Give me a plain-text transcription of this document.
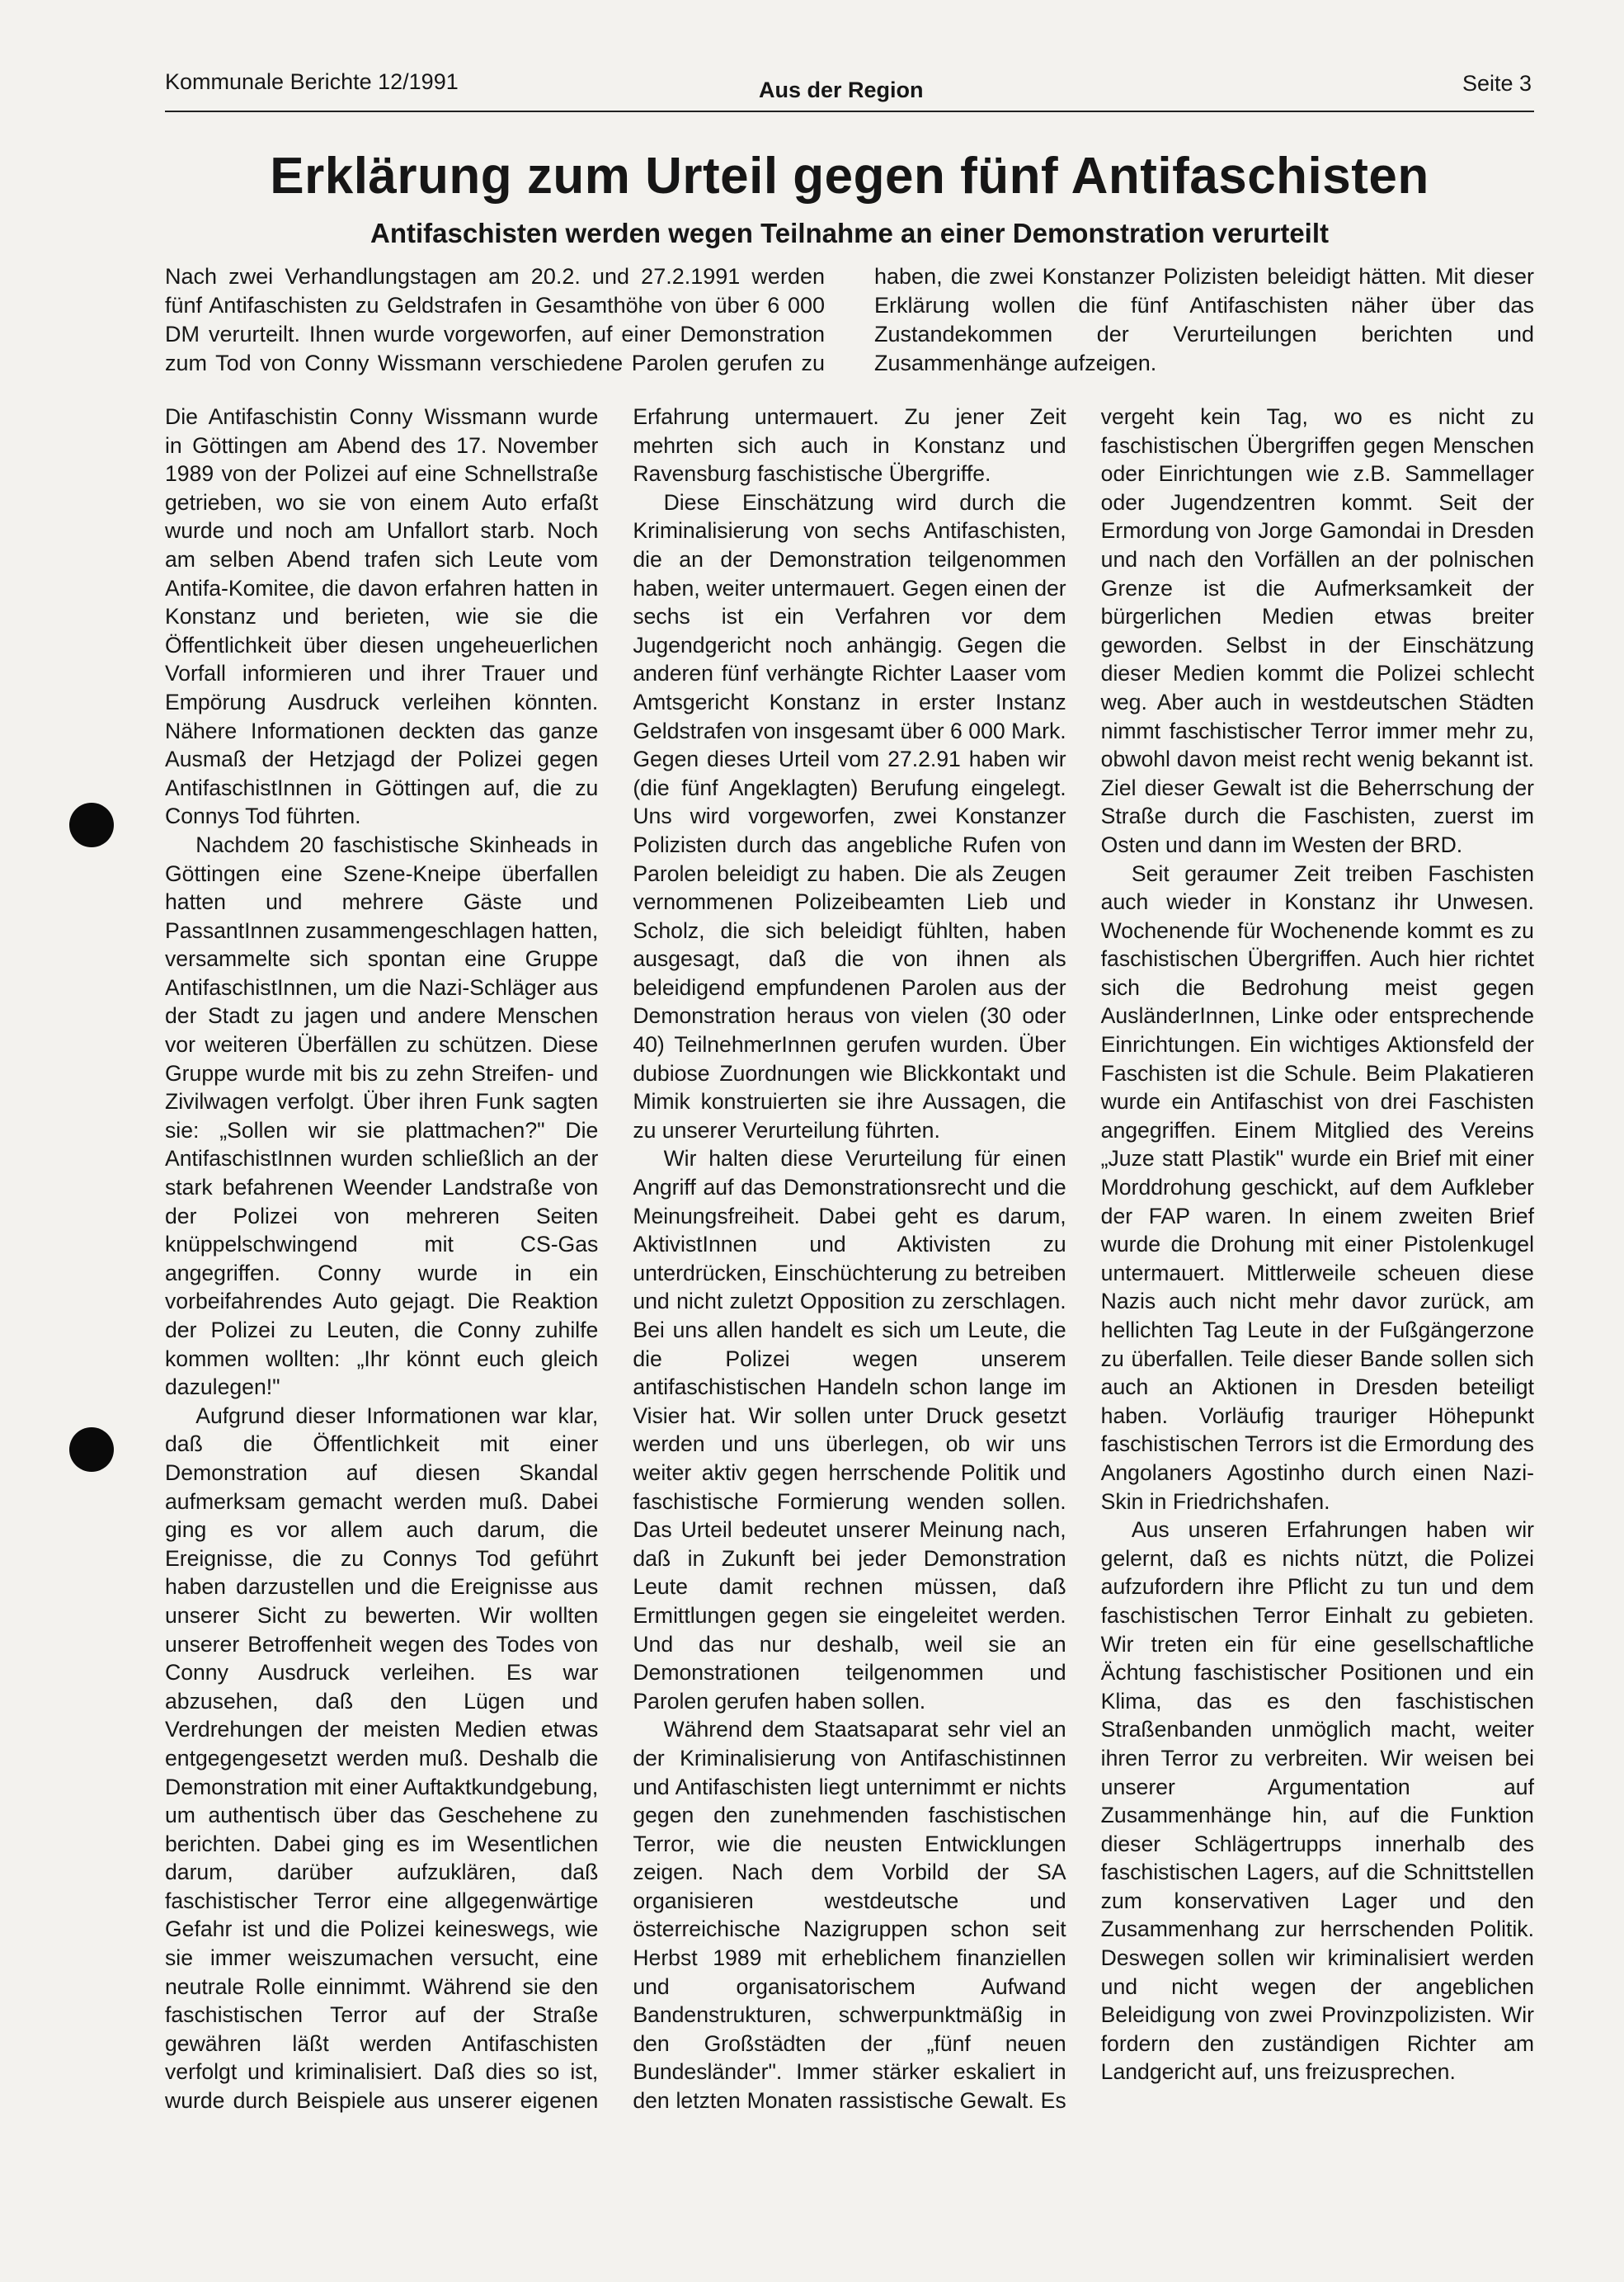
Kommunale Berichte 12/1991	Aus der Region	Seite 3
Erklärung zum Urteil gegen fünf Antifaschisten
Antifaschisten werden wegen Teilnahme an einer Demonstration verurteilt

Nach zwei Verhandlungstagen am 20.2. und 27.2.1991 werden fünf Antifaschisten zu Geldstrafen in Gesamthöhe von über 6 000 DM verurteilt. Ihnen wurde vorgeworfen, auf einer Demonstration zum Tod von Conny Wissmann verschiedene Parolen gerufen zu haben, die zwei Konstanzer Polizisten beleidigt hätten. Mit dieser Erklärung wollen die fünf Antifaschisten näher über das Zustandekommen der Verurteilungen berichten und Zusammenhänge aufzeigen.

Die Antifaschistin Conny Wissmann wurde in Göttingen am Abend des 17. November 1989 von der Polizei auf eine Schnellstraße getrieben, wo sie von einem Auto erfaßt wurde und noch am Unfallort starb. Noch am selben Abend trafen sich Leute vom Antifa-Komitee, die davon erfahren hatten in Konstanz und berieten, wie sie die Öffentlichkeit über diesen ungeheuerlichen Vorfall informieren und ihrer Trauer und Empörung Ausdruck verleihen könnten. Nähere Informationen deckten das ganze Ausmaß der Hetzjagd der Polizei gegen AntifaschistInnen in Göttingen auf, die zu Connys Tod führten.

Nachdem 20 faschistische Skinheads in Göttingen eine Szene-Kneipe überfallen hatten und mehrere Gäste und PassantInnen zusammengeschlagen hatten, versammelte sich spontan eine Gruppe AntifaschistInnen, um die Nazi-Schläger aus der Stadt zu jagen und andere Menschen vor weiteren Überfällen zu schützen. Diese Gruppe wurde mit bis zu zehn Streifen- und Zivilwagen verfolgt. Über ihren Funk sagten sie: „Sollen wir sie plattmachen?" Die AntifaschistInnen wurden schließlich an der stark befahrenen Weender Landstraße von der Polizei von mehreren Seiten knüppelschwingend mit CS-Gas angegriffen. Conny wurde in ein vorbeifahrendes Auto gejagt. Die Reaktion der Polizei zu Leuten, die Conny zuhilfe kommen wollten: „Ihr könnt euch gleich dazulegen!"

Aufgrund dieser Informationen war klar, daß die Öffentlichkeit mit einer Demonstration auf diesen Skandal aufmerksam gemacht werden muß. Dabei ging es vor allem auch darum, die Ereignisse, die zu Connys Tod geführt haben darzustellen und die Ereignisse aus unserer Sicht zu bewerten. Wir wollten unserer Betroffenheit wegen des Todes von Conny Ausdruck verleihen. Es war abzusehen, daß den Lügen und Verdrehungen der meisten Medien etwas entgegengesetzt werden muß. Deshalb die Demonstration mit einer Auftaktkundgebung, um authentisch über das Geschehene zu berichten. Dabei ging es im Wesentlichen darum, darüber aufzuklären, daß faschistischer Terror eine allgegenwärtige Gefahr ist und die Polizei keineswegs, wie sie immer weiszumachen versucht, eine neutrale Rolle einnimmt. Während sie den faschistischen Terror auf der Straße gewähren läßt werden Antifaschisten verfolgt und kriminalisiert. Daß dies so ist, wurde durch Beispiele aus unserer eigenen Erfahrung untermauert. Zu jener Zeit mehrten sich auch in Konstanz und Ravensburg faschistische Übergriffe.

Diese Einschätzung wird durch die Kriminalisierung von sechs Antifaschisten, die an der Demonstration teilgenommen haben, weiter untermauert. Gegen einen der sechs ist ein Verfahren vor dem Jugendgericht noch anhängig. Gegen die anderen fünf verhängte Richter Laaser vom Amtsgericht Konstanz in erster Instanz Geldstrafen von insgesamt über 6 000 Mark. Gegen dieses Urteil vom 27.2.91 haben wir (die fünf Angeklagten) Berufung eingelegt. Uns wird vorgeworfen, zwei Konstanzer Polizisten durch das angebliche Rufen von Parolen beleidigt zu haben. Die als Zeugen vernommenen Polizeibeamten Lieb und Scholz, die sich beleidigt fühlten, haben ausgesagt, daß die von ihnen als beleidigend empfundenen Parolen aus der Demonstration heraus von vielen (30 oder 40) TeilnehmerInnen gerufen wurden. Über dubiose Zuordnungen wie Blickkontakt und Mimik konstruierten sie ihre Aussagen, die zu unserer Verurteilung führten.

Wir halten diese Verurteilung für einen Angriff auf das Demonstrationsrecht und die Meinungsfreiheit. Dabei geht es darum, AktivistInnen und Aktivisten zu unterdrücken, Einschüchterung zu betreiben und nicht zuletzt Opposition zu zerschlagen. Bei uns allen handelt es sich um Leute, die die Polizei wegen unserem antifaschistischen Handeln schon lange im Visier hat. Wir sollen unter Druck gesetzt werden und uns überlegen, ob wir uns weiter aktiv gegen herrschende Politik und faschistische Formierung wenden sollen. Das Urteil bedeutet unserer Meinung nach, daß in Zukunft bei jeder Demonstration Leute damit rechnen müssen, daß Ermittlungen gegen sie eingeleitet werden. Und das nur deshalb, weil sie an Demonstrationen teilgenommen und Parolen gerufen haben sollen.

Während dem Staatsaparat sehr viel an der Kriminalisierung von Antifaschistinnen und Antifaschisten liegt unternimmt er nichts gegen den zunehmenden faschistischen Terror, wie die neusten Entwicklungen zeigen. Nach dem Vorbild der SA organisieren westdeutsche und österreichische Nazigruppen schon seit Herbst 1989 mit erheblichem finanziellen und organisatorischem Aufwand Bandenstrukturen, schwerpunktmäßig in den Großstädten der „fünf neuen Bundesländer". Immer stärker eskaliert in den letzten Monaten rassistische Gewalt. Es vergeht kein Tag, wo es nicht zu faschistischen Übergriffen gegen Menschen oder Einrichtungen wie z.B. Sammellager oder Jugendzentren kommt. Seit der Ermordung von Jorge Gamondai in Dresden und nach den Vorfällen an der polnischen Grenze ist die Aufmerksamkeit der bürgerlichen Medien etwas breiter geworden. Selbst in der Einschätzung dieser Medien kommt die Polizei schlecht weg. Aber auch in westdeutschen Städten nimmt faschistischer Terror immer mehr zu, obwohl davon meist recht wenig bekannt ist. Ziel dieser Gewalt ist die Beherrschung der Straße durch die Faschisten, zuerst im Osten und dann im Westen der BRD.

Seit geraumer Zeit treiben Faschisten auch wieder in Konstanz ihr Unwesen. Wochenende für Wochenende kommt es zu faschistischen Übergriffen. Auch hier richtet sich die Bedrohung meist gegen AusländerInnen, Linke oder entsprechende Einrichtungen. Ein wichtiges Aktionsfeld der Faschisten ist die Schule. Beim Plakatieren wurde ein Antifaschist von drei Faschisten angegriffen. Einem Mitglied des Vereins „Juze statt Plastik" wurde ein Brief mit einer Morddrohung geschickt, auf dem Aufkleber der FAP waren. In einem zweiten Brief wurde die Drohung mit einer Pistolenkugel untermauert. Mittlerweile scheuen diese Nazis auch nicht mehr davor zurück, am hellichten Tag Leute in der Fußgängerzone zu überfallen. Teile dieser Bande sollen sich auch an Aktionen in Dresden beteiligt haben. Vorläufig trauriger Höhepunkt faschistischen Terrors ist die Ermordung des Angolaners Agostinho durch einen Nazi-Skin in Friedrichshafen.

Aus unseren Erfahrungen haben wir gelernt, daß es nichts nützt, die Polizei aufzufordern ihre Pflicht zu tun und dem faschistischen Terror Einhalt zu gebieten. Wir treten ein für eine gesellschaftliche Ächtung faschistischer Positionen und ein Klima, das es den faschistischen Straßenbanden unmöglich macht, weiter ihren Terror zu verbreiten. Wir weisen bei unserer Argumentation auf Zusammenhänge hin, auf die Funktion dieser Schlägertrupps innerhalb des faschistischen Lagers, auf die Schnittstellen zum konservativen Lager und den Zusammenhang zur herrschenden Politik. Deswegen sollen wir kriminalisiert werden und nicht wegen der angeblichen Beleidigung von zwei Provinzpolizisten. Wir fordern den zuständigen Richter am Landgericht auf, uns freizusprechen.
